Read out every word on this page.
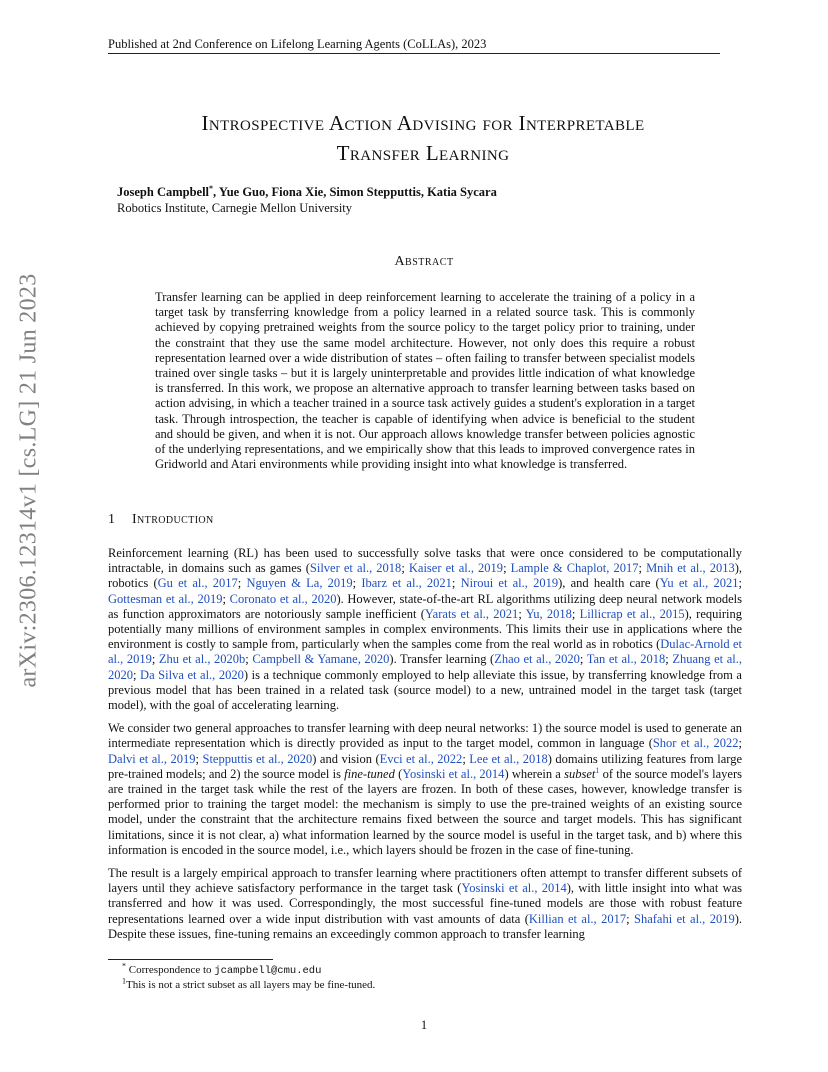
Published at 2nd Conference on Lifelong Learning Agents (CoLLAs), 2023
arXiv:2306.12314v1 [cs.LG] 21 Jun 2023
Introspective Action Advising for Interpretable
Transfer Learning
Joseph Campbell*, Yue Guo, Fiona Xie, Simon Stepputtis, Katia Sycara
Robotics Institute, Carnegie Mellon University
Abstract
Transfer learning can be applied in deep reinforcement learning to accelerate the training of a policy in a target task by transferring knowledge from a policy learned in a related source task. This is commonly achieved by copying pretrained weights from the source policy to the target policy prior to training, under the constraint that they use the same model architecture. However, not only does this require a robust representation learned over a wide distribution of states – often failing to transfer between specialist models trained over single tasks – but it is largely uninterpretable and provides little indication of what knowledge is transferred. In this work, we propose an alternative approach to transfer learning between tasks based on action advising, in which a teacher trained in a source task actively guides a student's exploration in a target task. Through introspection, the teacher is capable of identifying when advice is beneficial to the student and should be given, and when it is not. Our approach allows knowledge transfer between policies agnostic of the underlying representations, and we empirically show that this leads to improved convergence rates in Gridworld and Atari environments while providing insight into what knowledge is transferred.
1 Introduction

Reinforcement learning (RL) has been used to successfully solve tasks that were once considered to be computationally intractable, in domains such as games (Silver et al., 2018; Kaiser et al., 2019; Lample & Chaplot, 2017; Mnih et al., 2013), robotics (Gu et al., 2017; Nguyen & La, 2019; Ibarz et al., 2021; Niroui et al., 2019), and health care (Yu et al., 2021; Gottesman et al., 2019; Coronato et al., 2020). However, state-of-the-art RL algorithms utilizing deep neural network models as function approximators are notoriously sample inefficient (Yarats et al., 2021; Yu, 2018; Lillicrap et al., 2015), requiring potentially many millions of environment samples in complex environments. This limits their use in applications where the environment is costly to sample from, particularly when the samples come from the real world as in robotics (Dulac-Arnold et al., 2019; Zhu et al., 2020b; Campbell & Yamane, 2020). Transfer learning (Zhao et al., 2020; Tan et al., 2018; Zhuang et al., 2020; Da Silva et al., 2020) is a technique commonly employed to help alleviate this issue, by transferring knowledge from a previous model that has been trained in a related task (source model) to a new, untrained model in the target task (target model), with the goal of accelerating learning.

We consider two general approaches to transfer learning with deep neural networks: 1) the source model is used to generate an intermediate representation which is directly provided as input to the target model, common in language (Shor et al., 2022; Dalvi et al., 2019; Stepputtis et al., 2020) and vision (Evci et al., 2022; Lee et al., 2018) domains utilizing features from large pre-trained models; and 2) the source model is fine-tuned (Yosinski et al., 2014) wherein a subset$^1$ of the source model's layers are trained in the target task while the rest of the layers are frozen. In both of these cases, however, knowledge transfer is performed prior to training the target model: the mechanism is simply to use the pre-trained weights of an existing source model, under the constraint that the architecture remains fixed between the source and target models. This has significant limitations, since it is not clear, a) what information learned by the source model is useful in the target task, and b) where this information is encoded in the source model, i.e., which layers should be frozen in the case of fine-tuning.

The result is a largely empirical approach to transfer learning where practitioners often attempt to transfer different subsets of layers until they achieve satisfactory performance in the target task (Yosinski et al., 2014), with little insight into what was transferred and how it was used. Correspondingly, the most successful fine-tuned models are those with robust feature representations learned over a wide input distribution with vast amounts of data (Killian et al., 2017; Shafahi et al., 2019). Despite these issues, fine-tuning remains an exceedingly common approach to transfer learning

* Correspondence to jcampbell@cmu.edu

$^1$This is not a strict subset as all layers may be fine-tuned.

1
